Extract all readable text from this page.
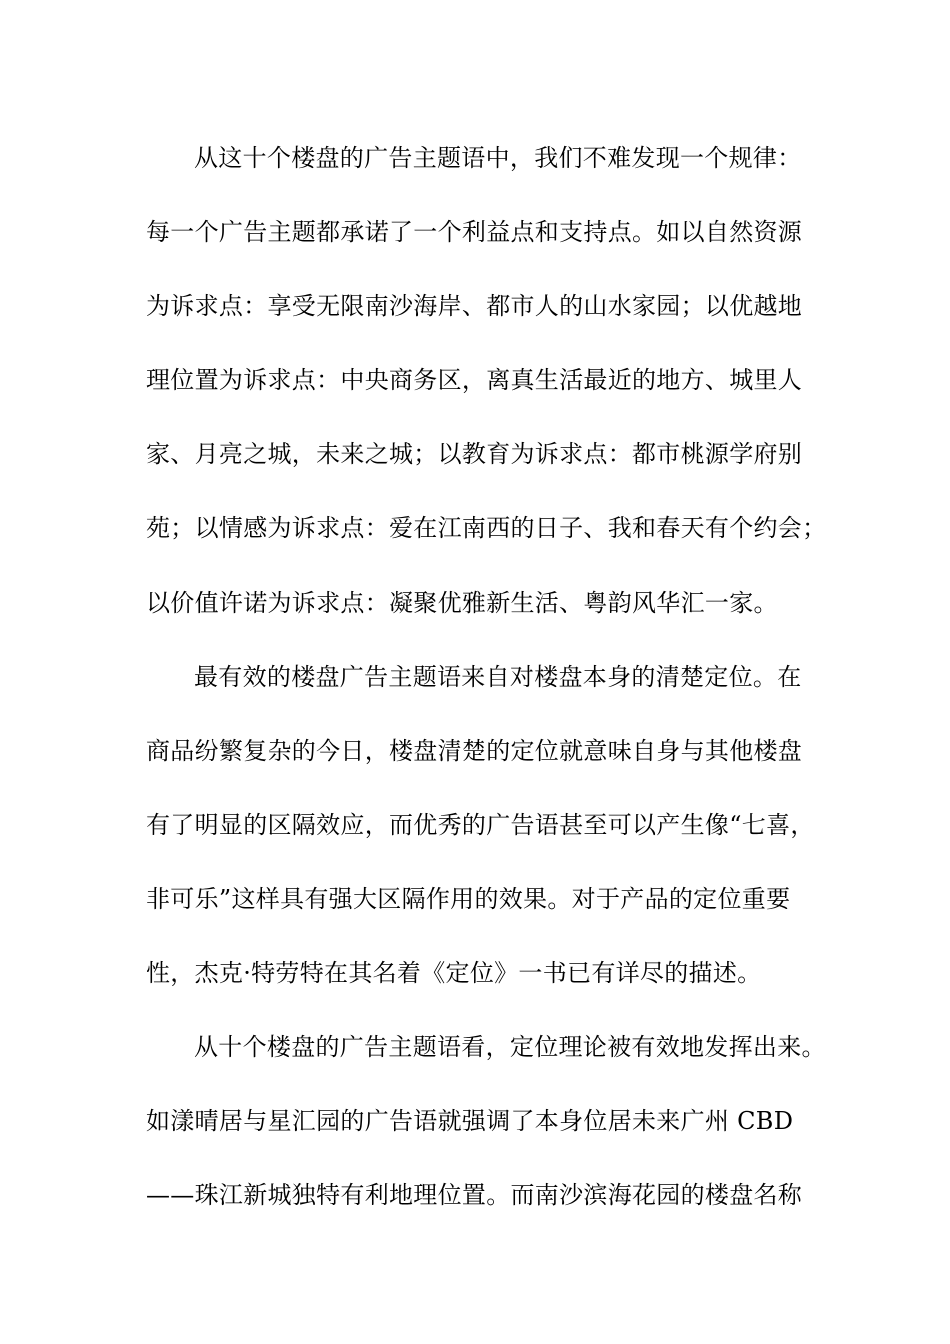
从这十个楼盘的广告主题语中，我们不难发现一个规律：
每一个广告主题都承诺了一个利益点和支持点。如以自然资源
为诉求点：享受无限南沙海岸、都市人的山水家园；以优越地
理位置为诉求点：中央商务区，离真生活最近的地方、城里人
家、月亮之城，未来之城；以教育为诉求点：都市桃源学府别
苑；以情感为诉求点：爱在江南西的日子、我和春天有个约会；
以价值许诺为诉求点：凝聚优雅新生活、粤韵风华汇一家。
最有效的楼盘广告主题语来自对楼盘本身的清楚定位。在
商品纷繁复杂的今日，楼盘清楚的定位就意味自身与其他楼盘
有了明显的区隔效应，而优秀的广告语甚至可以产生像“七喜，
非可乐”这样具有强大区隔作用的效果。对于产品的定位重要
性，杰克·特劳特在其名着《定位》一书已有详尽的描述。
从十个楼盘的广告主题语看，定位理论被有效地发挥出来。
如漾晴居与星汇园的广告语就强调了本身位居未来广州 CBD
——珠江新城独特有利地理位置。而南沙滨海花园的楼盘名称
